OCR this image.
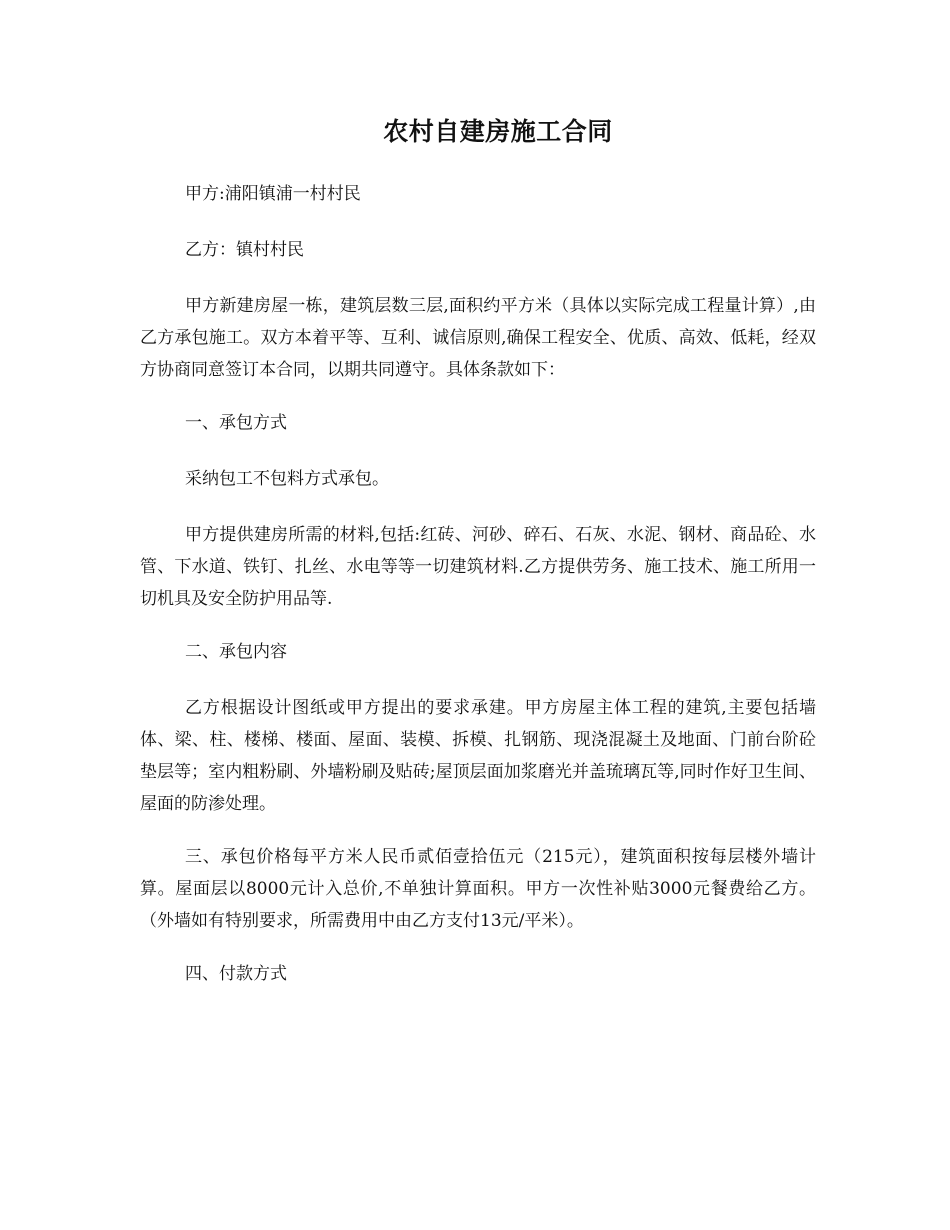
农村自建房施工合同

甲方:浦阳镇浦一村村民

乙方：镇村村民

甲方新建房屋一栋，建筑层数三层,面积约平方米（具体以实际完成工程量计算）,由乙方承包施工。双方本着平等、互利、诚信原则,确保工程安全、优质、高效、低耗，经双方协商同意签订本合同，以期共同遵守。具体条款如下：

一、承包方式

采纳包工不包料方式承包。

甲方提供建房所需的材料,包括:红砖、河砂、碎石、石灰、水泥、钢材、商品砼、水管、下水道、铁钉、扎丝、水电等等一切建筑材料.乙方提供劳务、施工技术、施工所用一切机具及安全防护用品等.

二、承包内容

乙方根据设计图纸或甲方提出的要求承建。甲方房屋主体工程的建筑,主要包括墙体、梁、柱、楼梯、楼面、屋面、装模、拆模、扎钢筋、现浇混凝土及地面、门前台阶砼垫层等；室内粗粉刷、外墙粉刷及贴砖;屋顶层面加浆磨光并盖琉璃瓦等,同时作好卫生间、屋面的防渗处理。

三、承包价格每平方米人民币贰佰壹拾伍元（215元），建筑面积按每层楼外墙计算。屋面层以8000元计入总价,不单独计算面积。甲方一次性补贴3000元餐费给乙方。（外墙如有特别要求，所需费用中由乙方支付13元/平米）。

四、付款方式
